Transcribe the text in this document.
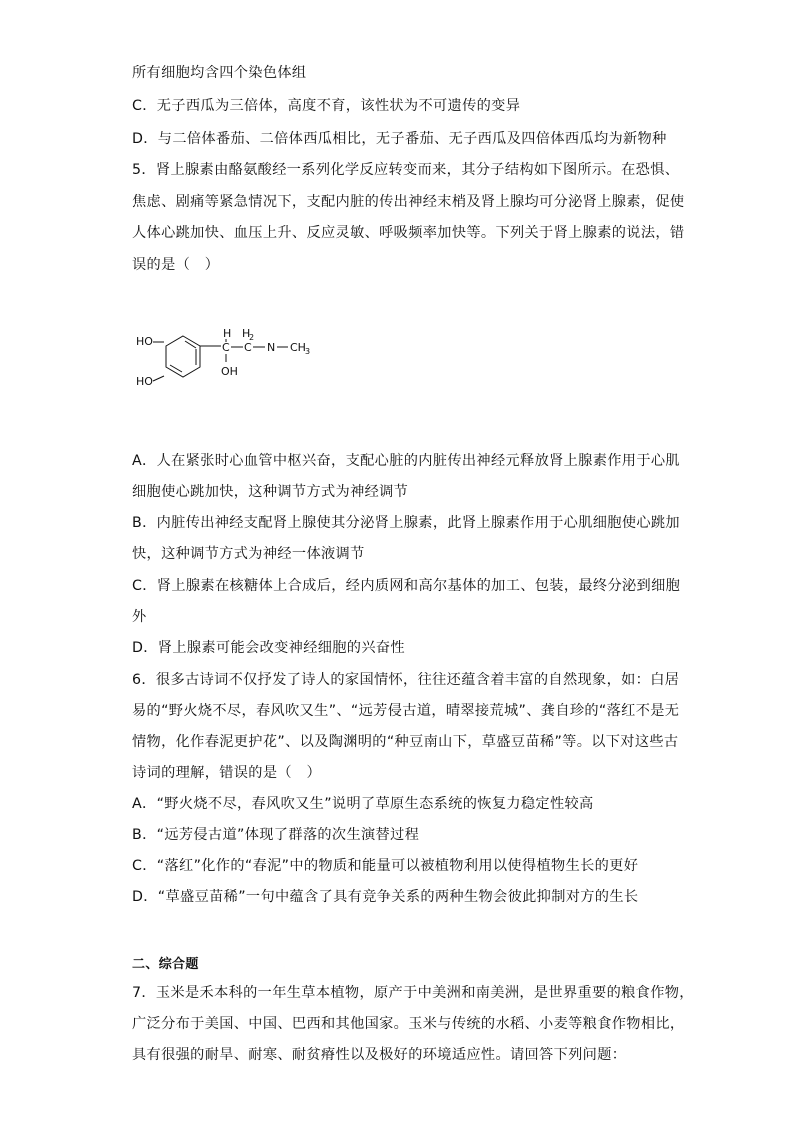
所有细胞均含四个染色体组
C．无子西瓜为三倍体，高度不育，该性状为不可遗传的变异
D．与二倍体番茄、二倍体西瓜相比，无子番茄、无子西瓜及四倍体西瓜均为新物种
5．肾上腺素由酪氨酸经一系列化学反应转变而来，其分子结构如下图所示。在恐惧、
焦虑、剧痛等紧急情况下，支配内脏的传出神经末梢及肾上腺均可分泌肾上腺素，促使
人体心跳加快、血压上升、反应灵敏、呼吸频率加快等。下列关于肾上腺素的说法，错
误的是（　）
HO
HO
H
C
OH
H
2
C N CH 3
A．人在紧张时心血管中枢兴奋，支配心脏的内脏传出神经元释放肾上腺素作用于心肌
细胞使心跳加快，这种调节方式为神经调节
B．内脏传出神经支配肾上腺使其分泌肾上腺素，此肾上腺素作用于心肌细胞使心跳加
快，这种调节方式为神经一体液调节
C．肾上腺素在核糖体上合成后，经内质网和高尔基体的加工、包装，最终分泌到细胞
外
D．肾上腺素可能会改变神经细胞的兴奋性
6．很多古诗词不仅抒发了诗人的家国情怀，往往还蕴含着丰富的自然现象，如：白居
易的“野火烧不尽，春风吹又生”、“远芳侵古道，晴翠接荒城”、龚自珍的“落红不是无
情物，化作春泥更护花”、以及陶渊明的“种豆南山下，草盛豆苗稀”等。以下对这些古
诗词的理解，错误的是（　）
A．“野火烧不尽，春风吹又生”说明了草原生态系统的恢复力稳定性较高
B．“远芳侵古道”体现了群落的次生演替过程
C．“落红”化作的“春泥”中的物质和能量可以被植物利用以使得植物生长的更好
D．“草盛豆苗稀”一句中蕴含了具有竞争关系的两种生物会彼此抑制对方的生长
二、综合题
7．玉米是禾本科的一年生草本植物，原产于中美洲和南美洲，是世界重要的粮食作物，
广泛分布于美国、中国、巴西和其他国家。玉米与传统的水稻、小麦等粮食作物相比，
具有很强的耐旱、耐寒、耐贫瘠性以及极好的环境适应性。请回答下列问题：
